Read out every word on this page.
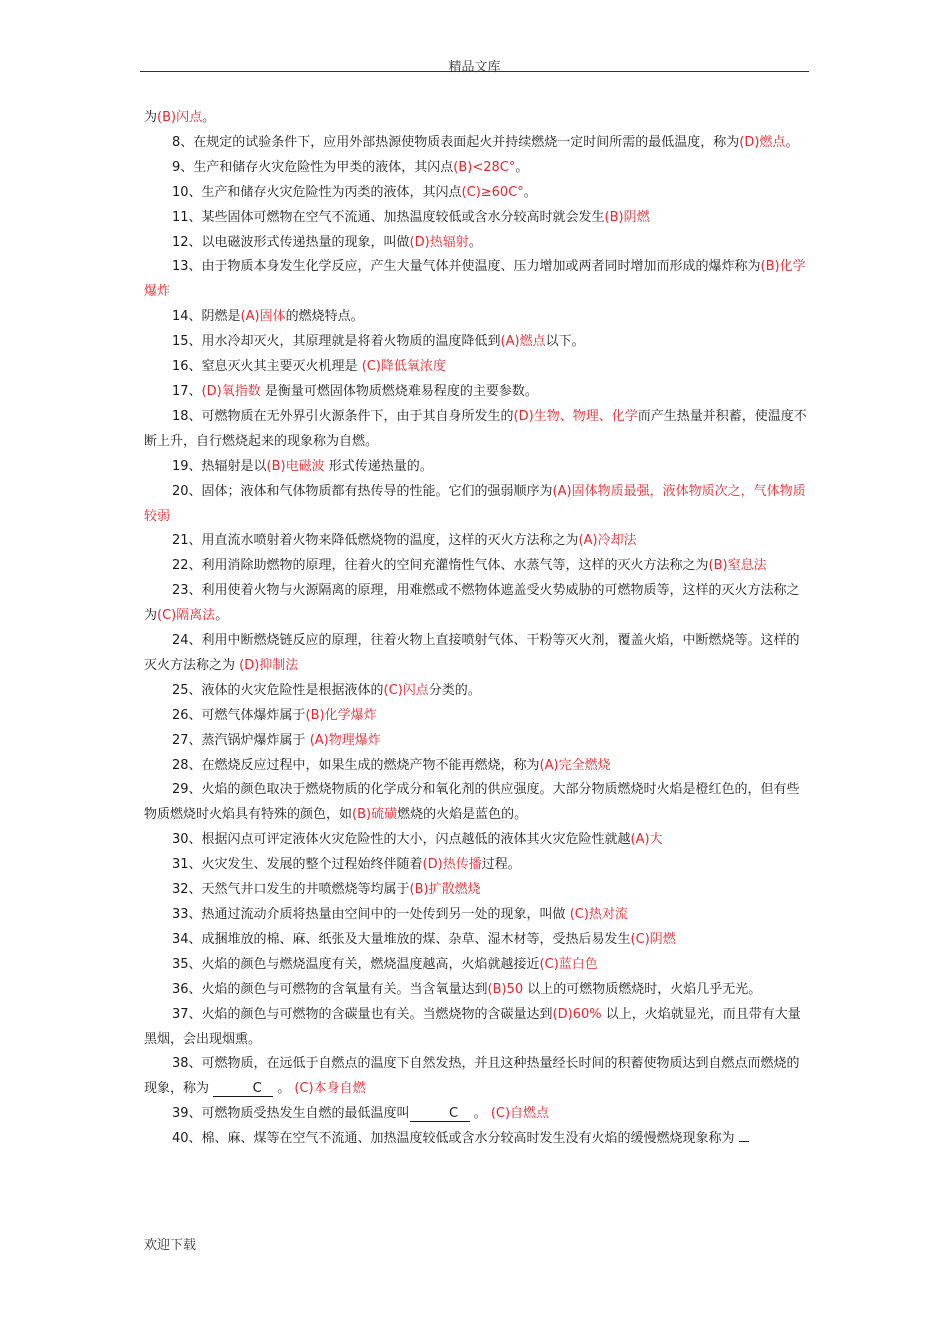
精品文库

为(B)闪点。

8、在规定的试验条件下，应用外部热源使物质表面起火并持续燃烧一定时间所需的最低温度，称为(D)燃点。

9、生产和储存火灾危险性为甲类的液体，其闪点(B)<28C°。

10、生产和储存火灾危险性为丙类的液体，其闪点(C)≥60C°。

11、某些固体可燃物在空气不流通、加热温度较低或含水分较高时就会发生(B)阴燃

12、以电磁波形式传递热量的现象，叫做(D)热辐射。

13、由于物质本身发生化学反应，产生大量气体并使温度、压力增加或两者同时增加而形成的爆炸称为(B)化学爆炸

14、阴燃是(A)固体的燃烧特点。

15、用水冷却灭火，其原理就是将着火物质的温度降低到(A)燃点以下。

16、窒息灭火其主要灭火机理是 (C)降低氧浓度

17、(D)氧指数 是衡量可燃固体物质燃烧难易程度的主要参数。

18、可燃物质在无外界引火源条件下，由于其自身所发生的(D)生物、物理、化学而产生热量并积蓄，使温度不断上升，自行燃烧起来的现象称为自燃。

19、热辐射是以(B)电磁波 形式传递热量的。

20、固体；液体和气体物质都有热传导的性能。它们的强弱顺序为(A)固体物质最强，液体物质次之，气体物质较弱

21、用直流水喷射着火物来降低燃烧物的温度，这样的灭火方法称之为(A)冷却法

22、利用消除助燃物的原理，往着火的空间充灌惰性气体、水蒸气等，这样的灭火方法称之为(B)窒息法

23、利用使着火物与火源隔离的原理，用难燃或不燃物体遮盖受火势威胁的可燃物质等，这样的灭火方法称之为(C)隔离法。

24、利用中断燃烧链反应的原理，往着火物上直接喷射气体、干粉等灭火剂，覆盖火焰，中断燃烧等。这样的灭火方法称之为 (D)抑制法

25、液体的火灾危险性是根据液体的(C)闪点分类的。

26、可燃气体爆炸属于(B)化学爆炸

27、蒸汽锅炉爆炸属于 (A)物理爆炸

28、在燃烧反应过程中，如果生成的燃烧产物不能再燃烧，称为(A)完全燃烧

29、火焰的颜色取决于燃烧物质的化学成分和氧化剂的供应强度。大部分物质燃烧时火焰是橙红色的，但有些物质燃烧时火焰具有特殊的颜色，如(B)硫磺燃烧的火焰是蓝色的。

30、根据闪点可评定液体火灾危险性的大小，闪点越低的液体其火灾危险性就越(A)大

31、火灾发生、发展的整个过程始终伴随着(D)热传播过程。

32、天然气井口发生的井喷燃烧等均属于(B)扩散燃烧

33、热通过流动介质将热量由空间中的一处传到另一处的现象，叫做 (C)热对流

34、成捆堆放的棉、麻、纸张及大量堆放的煤、杂草、湿木材等，受热后易发生(C)阴燃

35、火焰的颜色与燃烧温度有关，燃烧温度越高，火焰就越接近(C)蓝白色

36、火焰的颜色与可燃物的含氧量有关。当含氧量达到(B)50 以上的可燃物质燃烧时，火焰几乎无光。

37、火焰的颜色与可燃物的含碳量也有关。当燃烧物的含碳量达到(D)60% 以上，火焰就显光，而且带有大量黑烟，会出现烟熏。

38、可燃物质，在远低于自燃点的温度下自然发热，并且这种热量经长时间的积蓄使物质达到自燃点而燃烧的现象，称为	C 。 (C)本身自燃

39、可燃物质受热发生自燃的最低温度叫	C 。 (C)自燃点

40、棉、麻、煤等在空气不流通、加热温度较低或含水分较高时发生没有火焰的缓慢燃烧现象称为

欢迎下载
